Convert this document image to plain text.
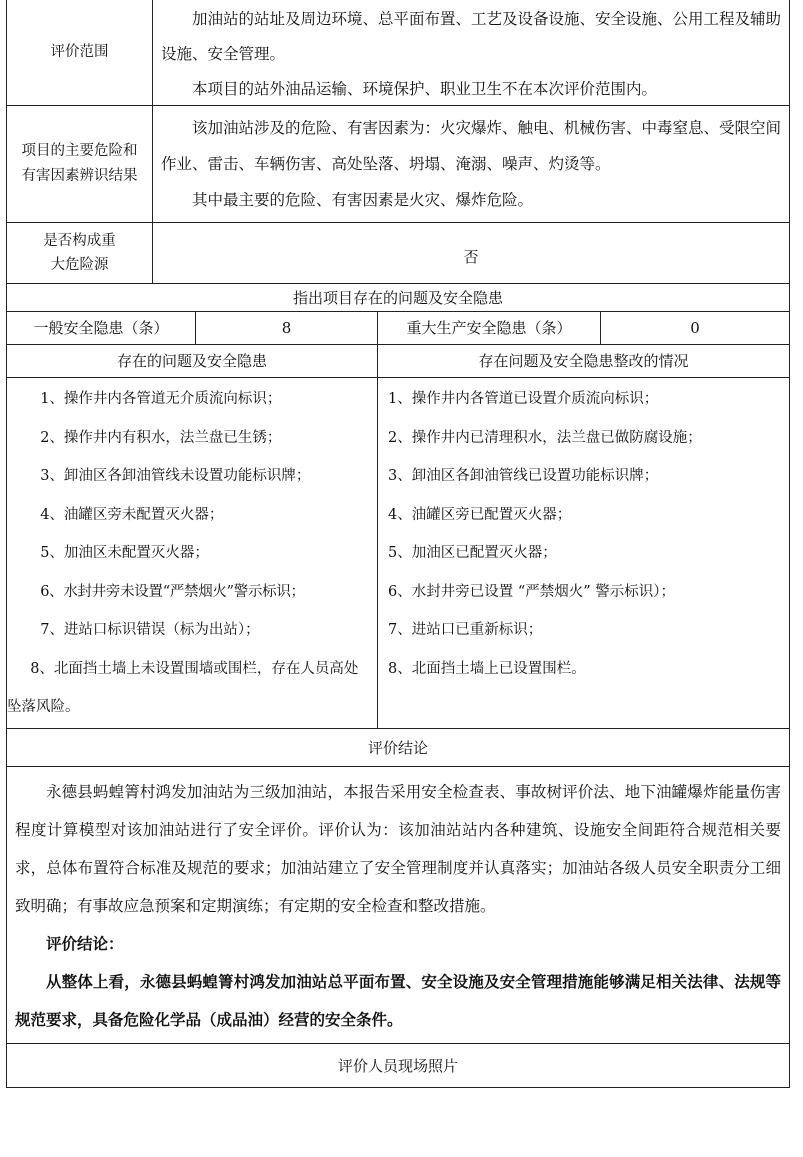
评价范围
加油站的站址及周边环境、总平面布置、工艺及设备设施、安全设施、公用工程及辅助设施、安全管理。
本项目的站外油品运输、环境保护、职业卫生不在本次评价范围内。
项目的主要危险和有害因素辨识结果
该加油站涉及的危险、有害因素为：火灾爆炸、触电、机械伤害、中毒窒息、受限空间作业、雷击、车辆伤害、高处坠落、坍塌、淹溺、噪声、灼烫等。
其中最主要的危险、有害因素是火灾、爆炸危险。
是否构成重大危险源	否
指出项目存在的问题及安全隐患
一般安全隐患（条）	8	重大生产安全隐患（条）	0
存在的问题及安全隐患	存在问题及安全隐患整改的情况
1、操作井内各管道无介质流向标识；
2、操作井内有积水，法兰盘已生锈；
3、卸油区各卸油管线未设置功能标识牌；
4、油罐区旁未配置灭火器；
5、加油区未配置灭火器；
6、水封井旁未设置“严禁烟火”警示标识；
7、进站口标识错误（标为出站）；
8、北面挡土墙上未设置围墙或围栏，存在人员高处坠落风险。
1、操作井内各管道已设置介质流向标识；
2、操作井内已清理积水，法兰盘已做防腐设施；
3、卸油区各卸油管线已设置功能标识牌；
4、油罐区旁已配置灭火器；
5、加油区已配置灭火器；
6、水封井旁已设置 “严禁烟火” 警示标识）；
7、进站口已重新标识；
8、北面挡土墙上已设置围栏。
评价结论
永德县蚂蝗箐村鸿发加油站为三级加油站，本报告采用安全检查表、事故树评价法、地下油罐爆炸能量伤害程度计算模型对该加油站进行了安全评价。评价认为：该加油站站内各种建筑、设施安全间距符合规范相关要求，总体布置符合标准及规范的要求；加油站建立了安全管理制度并认真落实；加油站各级人员安全职责分工细致明确；有事故应急预案和定期演练；有定期的安全检查和整改措施。
评价结论：
从整体上看，永德县蚂蝗箐村鸿发加油站总平面布置、安全设施及安全管理措施能够满足相关法律、法规等规范要求，具备危险化学品（成品油）经营的安全条件。
评价人员现场照片
